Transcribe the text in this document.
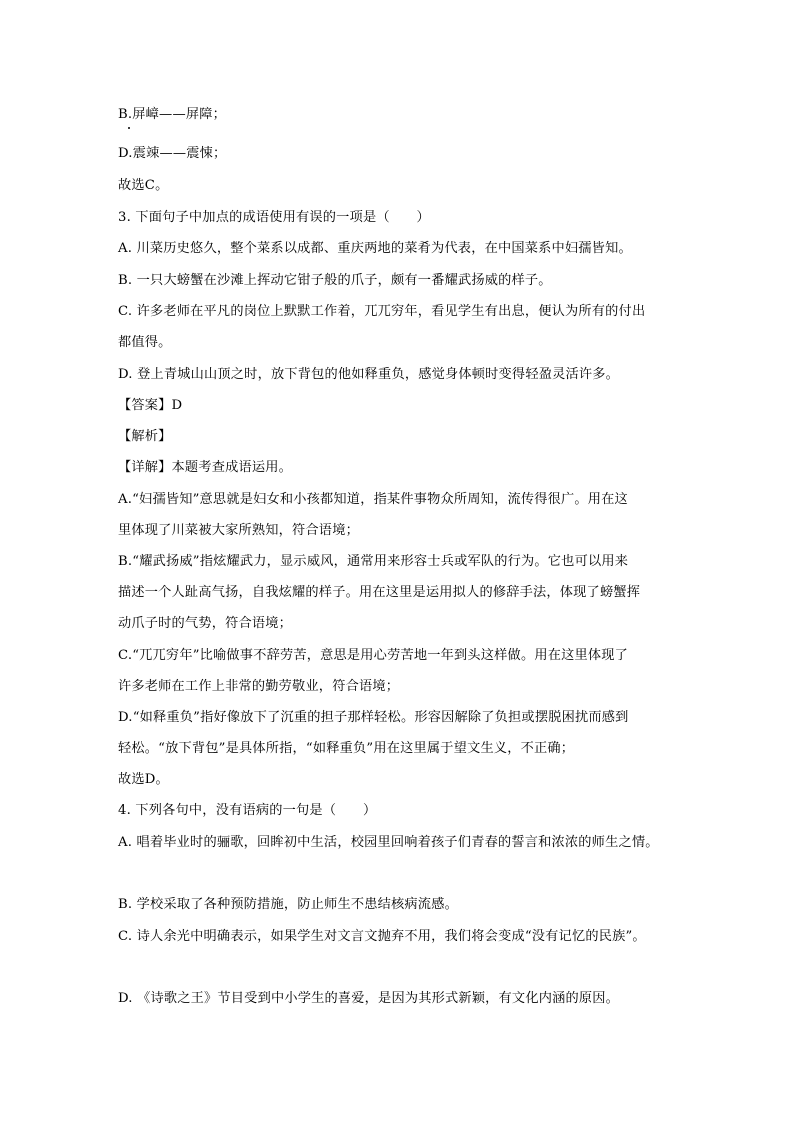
B.屏嶂——屏障；
D.震竦——震悚；
故选C。
3. 下面句子中加点的成语使用有误的一项是（　　）
A. 川菜历史悠久，整个菜系以成都、重庆两地的菜肴为代表，在中国菜系中妇孺皆知。
B. 一只大螃蟹在沙滩上挥动它钳子般的爪子，颇有一番耀武扬威的样子。
C. 许多老师在平凡的岗位上默默工作着，兀兀穷年，看见学生有出息，便认为所有的付出
都值得。
D. 登上青城山山顶之时，放下背包的他如释重负，感觉身体顿时变得轻盈灵活许多。
【答案】D
【解析】
【详解】本题考查成语运用。
A.“妇孺皆知”意思就是妇女和小孩都知道，指某件事物众所周知，流传得很广。用在这
里体现了川菜被大家所熟知，符合语境；
B.“耀武扬威”指炫耀武力，显示威风，通常用来形容士兵或军队的行为。它也可以用来
描述一个人趾高气扬，自我炫耀的样子。用在这里是运用拟人的修辞手法，体现了螃蟹挥
动爪子时的气势，符合语境；
C.“兀兀穷年”比喻做事不辞劳苦，意思是用心劳苦地一年到头这样做。用在这里体现了
许多老师在工作上非常的勤劳敬业，符合语境；
D.“如释重负”指好像放下了沉重的担子那样轻松。形容因解除了负担或摆脱困扰而感到
轻松。“放下背包”是具体所指，“如释重负”用在这里属于望文生义，不正确；
故选D。
4. 下列各句中，没有语病的一句是（　　）
A. 唱着毕业时的骊歌，回眸初中生活，校园里回响着孩子们青春的誓言和浓浓的师生之情。
B. 学校采取了各种预防措施，防止师生不患结核病流感。
C. 诗人余光中明确表示，如果学生对文言文抛弃不用，我们将会变成“没有记忆的民族”。
D. 《诗歌之王》节目受到中小学生的喜爱，是因为其形式新颖，有文化内涵的原因。
